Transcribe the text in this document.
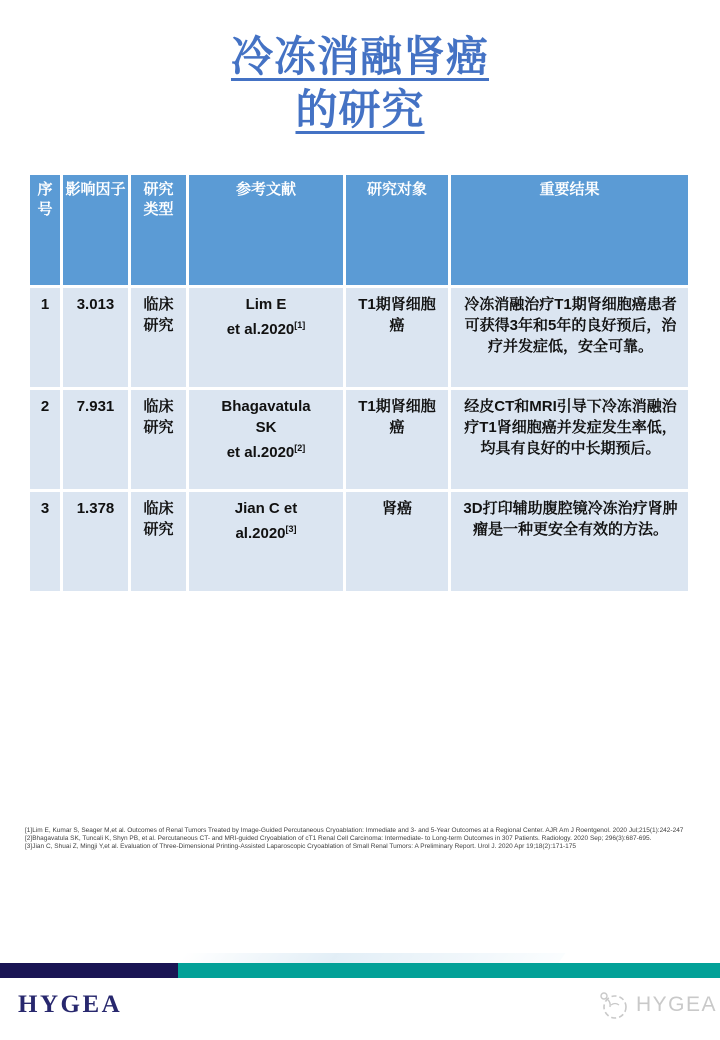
冷冻消融肾癌
的研究
序号	影响因子	研究类型	参考文献	研究对象	重要结果
1	3.013	临床研究	Lim E
et al.2020[1]	T1期肾细胞癌	冷冻消融治疗T1期肾细胞癌患者可获得3年和5年的良好预后，治疗并发症低，安全可靠。
2	7.931	临床研究	Bhagavatula
SK
et al.2020[2]	T1期肾细胞癌	经皮CT和MRI引导下冷冻消融治疗T1肾细胞癌并发症发生率低，均具有良好的中长期预后。
3	1.378	临床研究	Jian C et
al.2020[3]	肾癌	3D打印辅助腹腔镜冷冻治疗肾肿瘤是一种更安全有效的方法。
[1]Lim E, Kumar S, Seager M,et al. Outcomes of Renal Tumors Treated by Image-Guided Percutaneous Cryoablation: Immediate and 3- and 5-Year Outcomes at a Regional Center. AJR Am J Roentgenol. 2020 Jul;215(1):242-247
[2]Bhagavatula SK, Tuncali K, Shyn PB, et al. Percutaneous CT- and MRI-guided Cryoablation of cT1 Renal Cell Carcinoma: Intermediate- to Long-term Outcomes in 307 Patients. Radiology. 2020 Sep; 296(3):687-695.
[3]Jian C, Shuai Z, Mingji Y,et al. Evaluation of Three-Dimensional Printing-Assisted Laparoscopic Cryoablation of Small Renal Tumors: A Preliminary Report. Urol J. 2020 Apr 19;18(2):171-175
HYGEA	HYGEA
